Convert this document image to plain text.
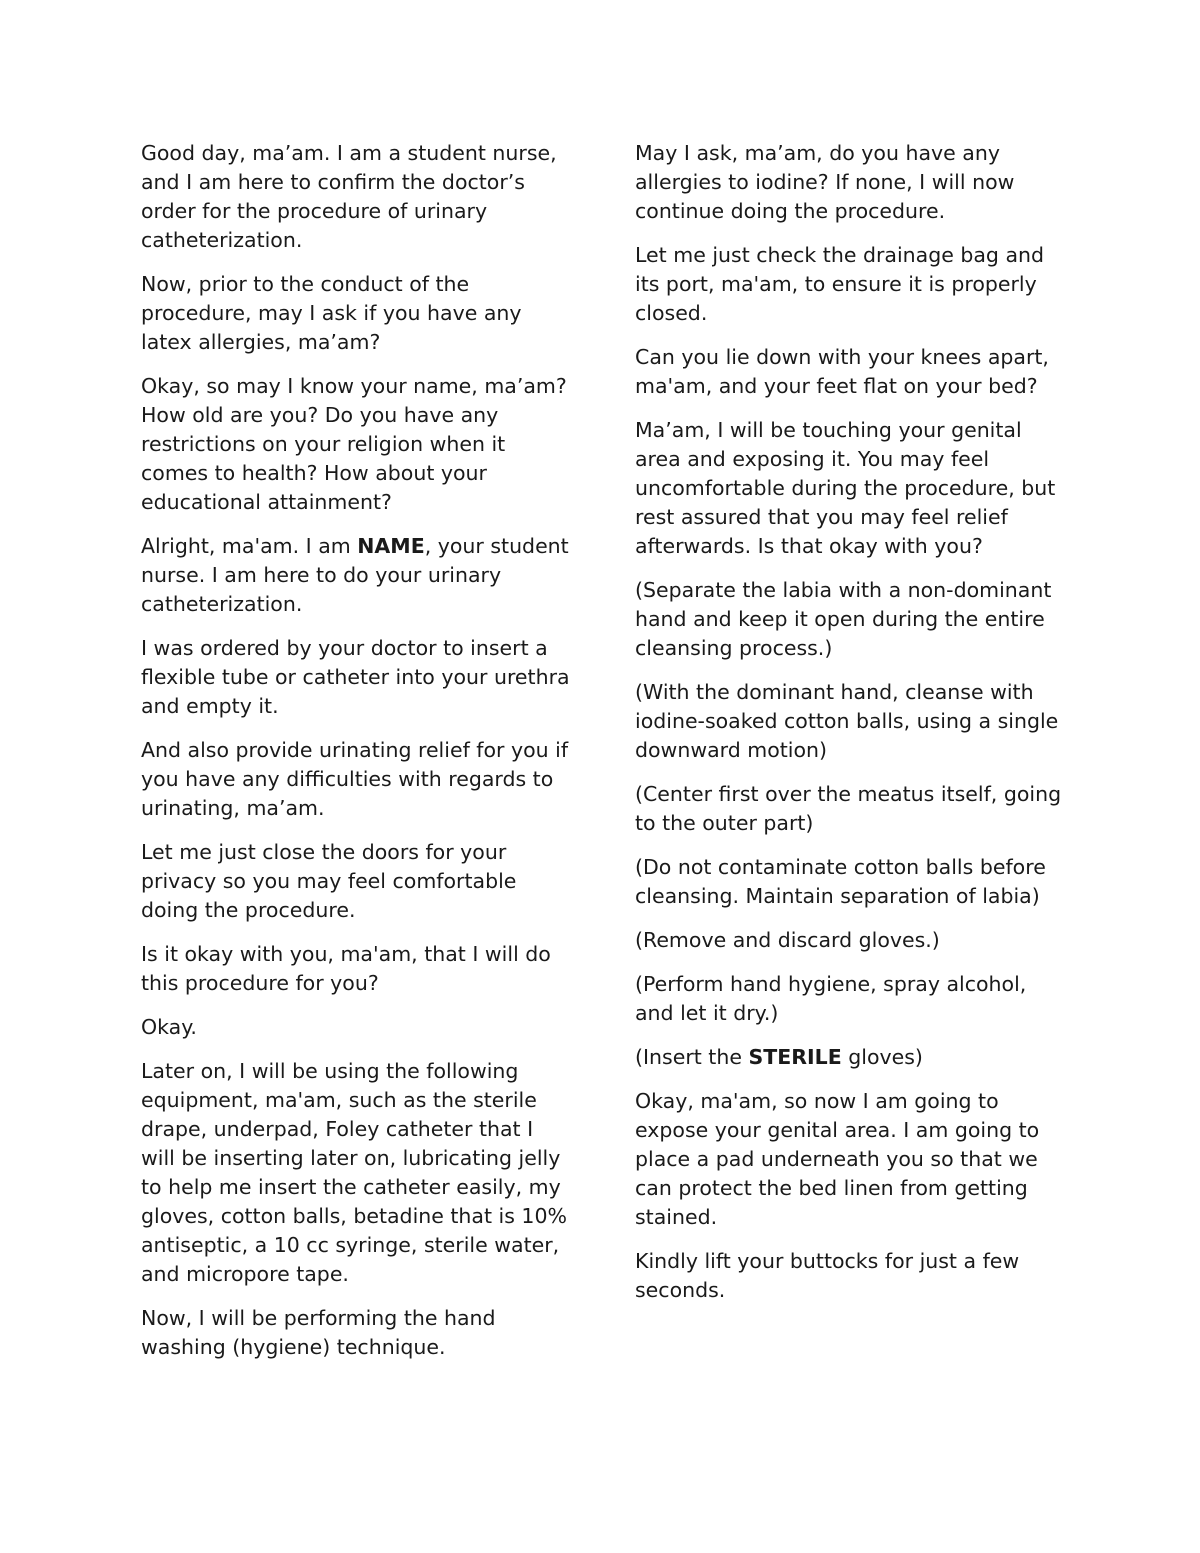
Good day, ma’am. I am a student nurse, and I am here to confirm the doctor’s order for the procedure of urinary catheterization.

Now, prior to the conduct of the procedure, may I ask if you have any latex allergies, ma’am?

Okay, so may I know your name, ma’am? How old are you? Do you have any restrictions on your religion when it comes to health? How about your educational attainment?

Alright, ma'am. I am NAME, your student nurse. I am here to do your urinary catheterization.

I was ordered by your doctor to insert a flexible tube or catheter into your urethra and empty it.

And also provide urinating relief for you if you have any difficulties with regards to urinating, ma’am.

Let me just close the doors for your privacy so you may feel comfortable doing the procedure.

Is it okay with you, ma'am, that I will do this procedure for you?

Okay.

Later on, I will be using the following equipment, ma'am, such as the sterile drape, underpad, Foley catheter that I will be inserting later on, lubricating jelly to help me insert the catheter easily, my gloves, cotton balls, betadine that is 10% antiseptic, a 10 cc syringe, sterile water, and micropore tape.

Now, I will be performing the hand washing (hygiene) technique.

May I ask, ma’am, do you have any allergies to iodine? If none, I will now continue doing the procedure.

Let me just check the drainage bag and its port, ma'am, to ensure it is properly closed.

Can you lie down with your knees apart, ma'am, and your feet flat on your bed?

Ma’am, I will be touching your genital area and exposing it. You may feel uncomfortable during the procedure, but rest assured that you may feel relief afterwards. Is that okay with you?

(Separate the labia with a non-dominant hand and keep it open during the entire cleansing process.)

(With the dominant hand, cleanse with iodine-soaked cotton balls, using a single downward motion)

(Center first over the meatus itself, going to the outer part)

(Do not contaminate cotton balls before cleansing. Maintain separation of labia)

(Remove and discard gloves.)

(Perform hand hygiene, spray alcohol, and let it dry.)

(Insert the STERILE gloves)

Okay, ma'am, so now I am going to expose your genital area. I am going to place a pad underneath you so that we can protect the bed linen from getting stained.

Kindly lift your buttocks for just a few seconds.
